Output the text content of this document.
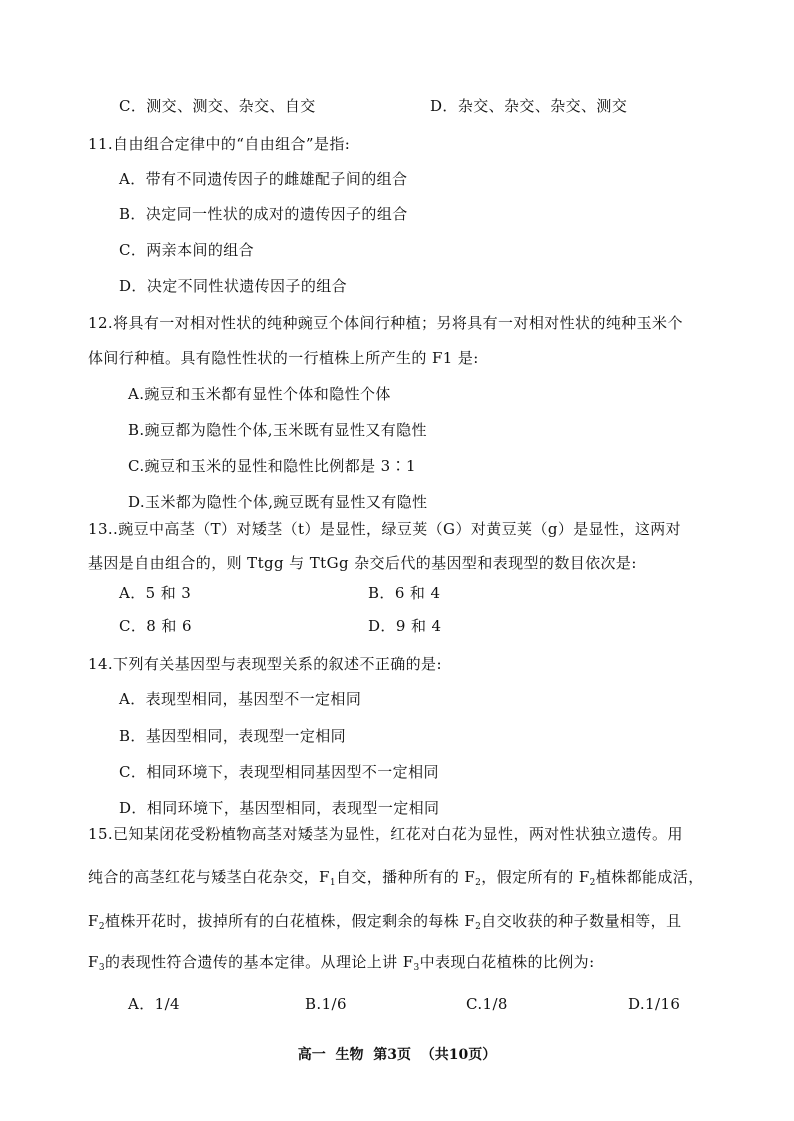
C．测交、测交、杂交、自交	D．杂交、杂交、杂交、测交
11.自由组合定律中的“自由组合”是指:
A．带有不同遗传因子的雌雄配子间的组合
B．决定同一性状的成对的遗传因子的组合
C．两亲本间的组合
D．决定不同性状遗传因子的组合
12.将具有一对相对性状的纯种豌豆个体间行种植；另将具有一对相对性状的纯种玉米个
体间行种植。具有隐性性状的一行植株上所产生的 F1 是:
A.豌豆和玉米都有显性个体和隐性个体
B.豌豆都为隐性个体,玉米既有显性又有隐性
C.豌豆和玉米的显性和隐性比例都是 3∶1
D.玉米都为隐性个体,豌豆既有显性又有隐性
13..豌豆中高茎（T）对矮茎（t）是显性，绿豆荚（G）对黄豆荚（g）是显性，这两对
基因是自由组合的，则 Ttgg 与 TtGg 杂交后代的基因型和表现型的数目依次是:
A．5 和 3	B．6 和 4
C．8 和 6	D．9 和 4
14.下列有关基因型与表现型关系的叙述不正确的是:
A．表现型相同，基因型不一定相同
B．基因型相同，表现型一定相同
C．相同环境下，表现型相同基因型不一定相同
D．相同环境下，基因型相同，表现型一定相同
15.已知某闭花受粉植物高茎对矮茎为显性，红花对白花为显性，两对性状独立遗传。用
纯合的高茎红花与矮茎白花杂交，$F_1$自交，播种所有的 $F_2$，假定所有的 $F_2$植株都能成活，
$F_2$植株开花时，拔掉所有的白花植株，假定剩余的每株 $F_2$自交收获的种子数量相等，且
$F_3$的表现性符合遗传的基本定律。从理论上讲 $F_3$中表现白花植株的比例为:
A．1/4	B.1/6	C.1/8	D.1/16
高一  生物  第3页  （共10页）
